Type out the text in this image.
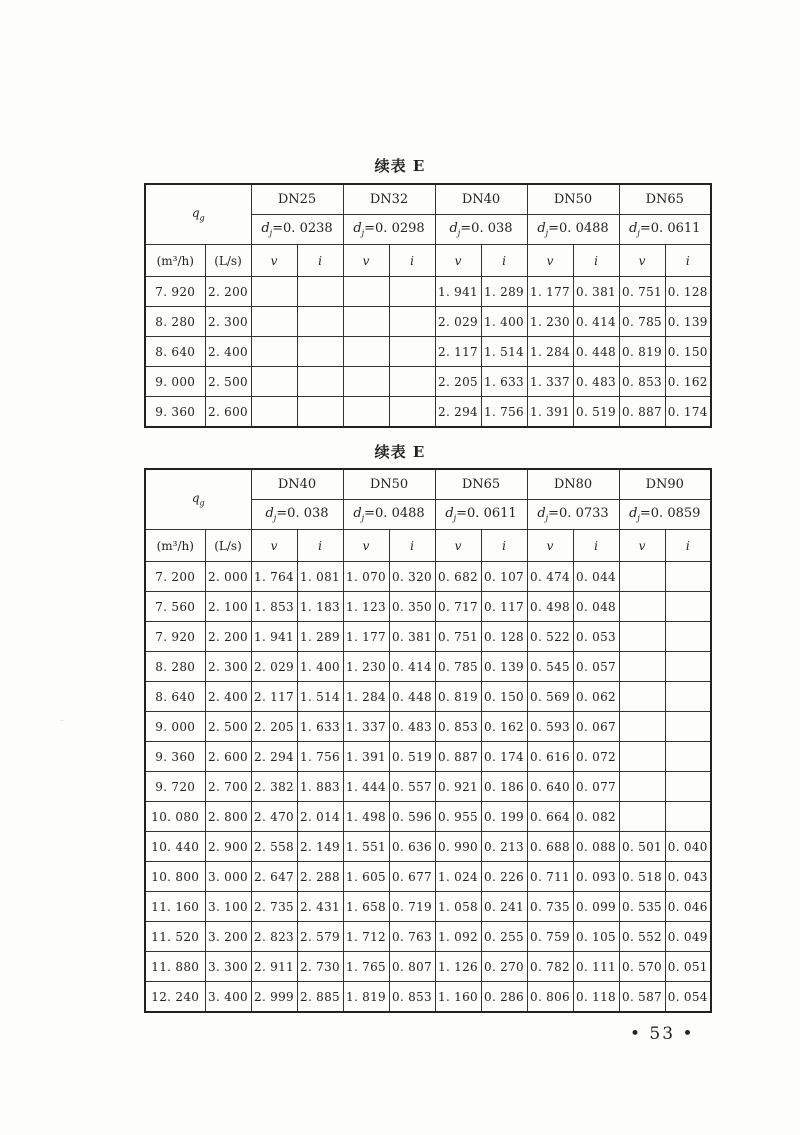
续表 E
$q_g$		DN25		DN32		DN40		DN50		DN65	
		$d_j=0$. 0238		$d_j=0$. 0298		$d_j=0$. 038		$d_j=0$. 0488		$d_j=0$. 0611	
(m³/h)	(L/s)	v	i	v	i	v	i	v	i	v	i
7. 920	2. 200					1. 941	1. 289	1. 177	0. 381	0. 751	0. 128
8. 280	2. 300					2. 029	1. 400	1. 230	0. 414	0. 785	0. 139
8. 640	2. 400					2. 117	1. 514	1. 284	0. 448	0. 819	0. 150
9. 000	2. 500					2. 205	1. 633	1. 337	0. 483	0. 853	0. 162
9. 360	2. 600					2. 294	1. 756	1. 391	0. 519	0. 887	0. 174
续表 E
$q_g$		DN40		DN50		DN65		DN80		DN90	
		$d_j=0$. 038		$d_j=0$. 0488		$d_j=0$. 0611		$d_j=0$. 0733		$d_j=0$. 0859	
(m³/h)	(L/s)	v	i	v	i	v	i	v	i	v	i
7. 200	2. 000	1. 764	1. 081	1. 070	0. 320	0. 682	0. 107	0. 474	0. 044		
7. 560	2. 100	1. 853	1. 183	1. 123	0. 350	0. 717	0. 117	0. 498	0. 048		
7. 920	2. 200	1. 941	1. 289	1. 177	0. 381	0. 751	0. 128	0. 522	0. 053		
8. 280	2. 300	2. 029	1. 400	1. 230	0. 414	0. 785	0. 139	0. 545	0. 057		
8. 640	2. 400	2. 117	1. 514	1. 284	0. 448	0. 819	0. 150	0. 569	0. 062		
9. 000	2. 500	2. 205	1. 633	1. 337	0. 483	0. 853	0. 162	0. 593	0. 067		
9. 360	2. 600	2. 294	1. 756	1. 391	0. 519	0. 887	0. 174	0. 616	0. 072		
9. 720	2. 700	2. 382	1. 883	1. 444	0. 557	0. 921	0. 186	0. 640	0. 077		
10. 080	2. 800	2. 470	2. 014	1. 498	0. 596	0. 955	0. 199	0. 664	0. 082		
10. 440	2. 900	2. 558	2. 149	1. 551	0. 636	0. 990	0. 213	0. 688	0. 088	0. 501	0. 040
10. 800	3. 000	2. 647	2. 288	1. 605	0. 677	1. 024	0. 226	0. 711	0. 093	0. 518	0. 043
11. 160	3. 100	2. 735	2. 431	1. 658	0. 719	1. 058	0. 241	0. 735	0. 099	0. 535	0. 046
11. 520	3. 200	2. 823	2. 579	1. 712	0. 763	1. 092	0. 255	0. 759	0. 105	0. 552	0. 049
11. 880	3. 300	2. 911	2. 730	1. 765	0. 807	1. 126	0. 270	0. 782	0. 111	0. 570	0. 051
12. 240	3. 400	2. 999	2. 885	1. 819	0. 853	1. 160	0. 286	0. 806	0. 118	0. 587	0. 054
• 53 •
··
